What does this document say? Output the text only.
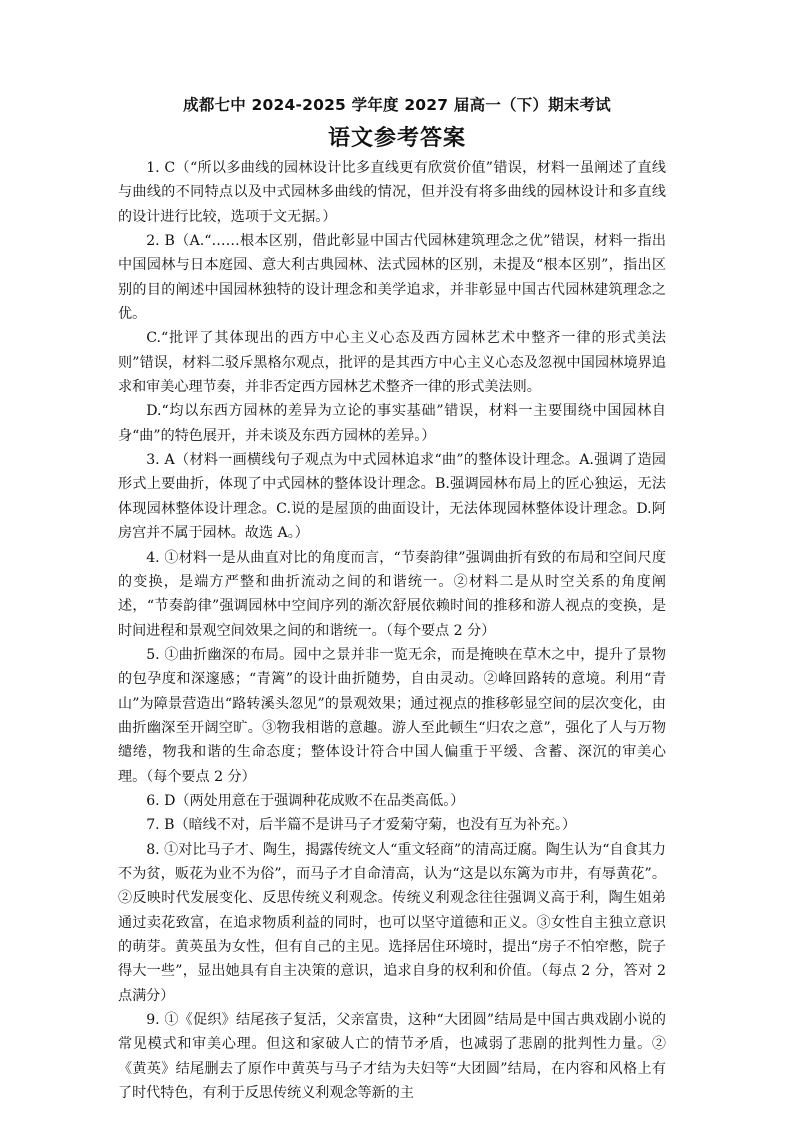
成都七中 2024-2025 学年度 2027 届高一（下）期末考试
语文参考答案

1. C（“所以多曲线的园林设计比多直线更有欣赏价值”错误，材料一虽阐述了直线与曲线的不同特点以及中式园林多曲线的情况，但并没有将多曲线的园林设计和多直线的设计进行比较，选项于文无据。）

2. B（A.“……根本区别，借此彰显中国古代园林建筑理念之优”错误，材料一指出中国园林与日本庭园、意大利古典园林、法式园林的区别，未提及“根本区别”，指出区别的目的阐述中国园林独特的设计理念和美学追求，并非彰显中国古代园林建筑理念之优。

C.“批评了其体现出的西方中心主义心态及西方园林艺术中整齐一律的形式美法则”错误，材料二驳斥黑格尔观点，批评的是其西方中心主义心态及忽视中国园林境界追求和审美心理节奏，并非否定西方园林艺术整齐一律的形式美法则。

D.“均以东西方园林的差异为立论的事实基础”错误，材料一主要围绕中国园林自身“曲”的特色展开，并未谈及东西方园林的差异。）

3. A（材料一画横线句子观点为中式园林追求“曲”的整体设计理念。A.强调了造园形式上要曲折，体现了中式园林的整体设计理念。B.强调园林布局上的匠心独运，无法体现园林整体设计理念。C.说的是屋顶的曲面设计，无法体现园林整体设计理念。D.阿房宫并不属于园林。故选 A。）

4. ①材料一是从曲直对比的角度而言，“节奏韵律”强调曲折有致的布局和空间尺度的变换，是端方严整和曲折流动之间的和谐统一。②材料二是从时空关系的角度阐述，“节奏韵律”强调园林中空间序列的渐次舒展依赖时间的推移和游人视点的变换，是时间进程和景观空间效果之间的和谐统一。（每个要点 2 分）

5. ①曲折幽深的布局。园中之景并非一览无余，而是掩映在草木之中，提升了景物的包孕度和深邃感；“青篱”的设计曲折随势，自由灵动。②峰回路转的意境。利用“青山”为障景营造出“路转溪头忽见”的景观效果；通过视点的推移彰显空间的层次变化，由曲折幽深至开阔空旷。③物我相谐的意趣。游人至此顿生“归农之意”，强化了人与万物缱绻，物我和谐的生命态度；整体设计符合中国人偏重于平缓、含蓄、深沉的审美心理。（每个要点 2 分）

6. D（两处用意在于强调种花成败不在品类高低。）

7. B（暗线不对，后半篇不是讲马子才爱菊守菊，也没有互为补充。）

8. ①对比马子才、陶生，揭露传统文人“重文轻商”的清高迂腐。陶生认为“自食其力不为贫，贩花为业不为俗”，而马子才自命清高，认为“这是以东篱为市井，有辱黄花”。②反映时代发展变化、反思传统义利观念。传统义利观念往往强调义高于利，陶生姐弟通过卖花致富，在追求物质利益的同时，也可以坚守道德和正义。③女性自主独立意识的萌芽。黄英虽为女性，但有自己的主见。选择居住环境时，提出“房子不怕窄憋，院子得大一些”，显出她具有自主决策的意识，追求自身的权利和价值。（每点 2 分，答对 2 点满分）

9. ①《促织》结尾孩子复活，父亲富贵，这种“大团圆”结局是中国古典戏剧小说的常见模式和审美心理。但这和家破人亡的情节矛盾，也减弱了悲剧的批判性力量。②《黄英》结尾删去了原作中黄英与马子才结为夫妇等“大团圆”结局，在内容和风格上有了时代特色，有利于反思传统义利观念等新的主
